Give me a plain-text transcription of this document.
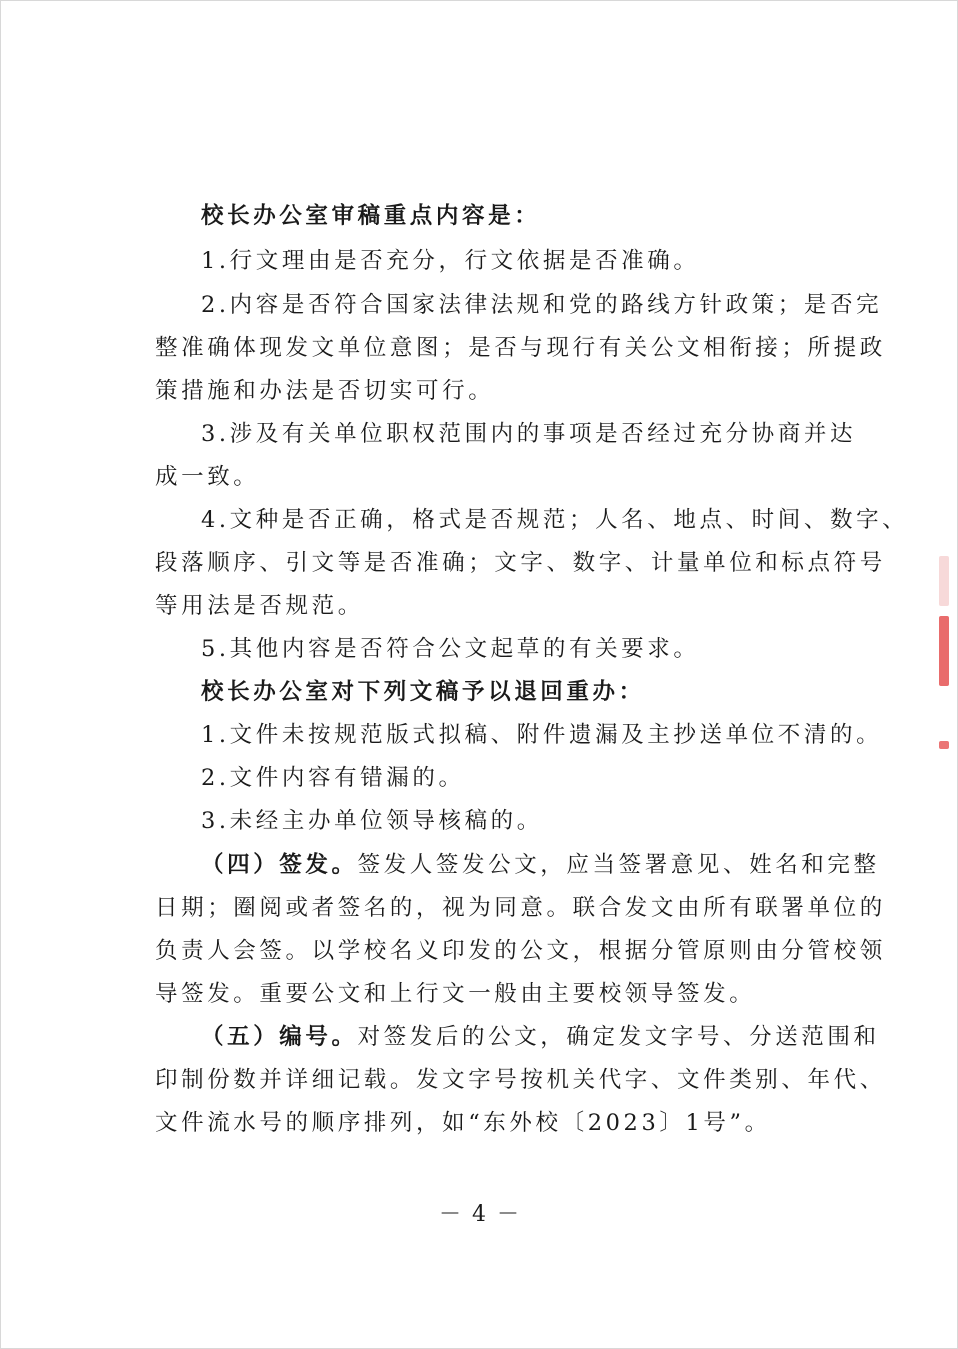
校长办公室审稿重点内容是：
1.行文理由是否充分，行文依据是否准确。
2.内容是否符合国家法律法规和党的路线方针政策；是否完
整准确体现发文单位意图；是否与现行有关公文相衔接；所提政
策措施和办法是否切实可行。
3.涉及有关单位职权范围内的事项是否经过充分协商并达
成一致。
4.文种是否正确，格式是否规范；人名、地点、时间、数字、
段落顺序、引文等是否准确；文字、数字、计量单位和标点符号
等用法是否规范。
5.其他内容是否符合公文起草的有关要求。
校长办公室对下列文稿予以退回重办：
1.文件未按规范版式拟稿、附件遗漏及主抄送单位不清的。
2.文件内容有错漏的。
3.未经主办单位领导核稿的。
（四）签发。签发人签发公文，应当签署意见、姓名和完整
日期；圈阅或者签名的，视为同意。联合发文由所有联署单位的
负责人会签。以学校名义印发的公文，根据分管原则由分管校领
导签发。重要公文和上行文一般由主要校领导签发。
（五）编号。对签发后的公文，确定发文字号、分送范围和
印制份数并详细记载。发文字号按机关代字、文件类别、年代、
文件流水号的顺序排列，如“东外校〔2023〕1号”。
－ 4 －
